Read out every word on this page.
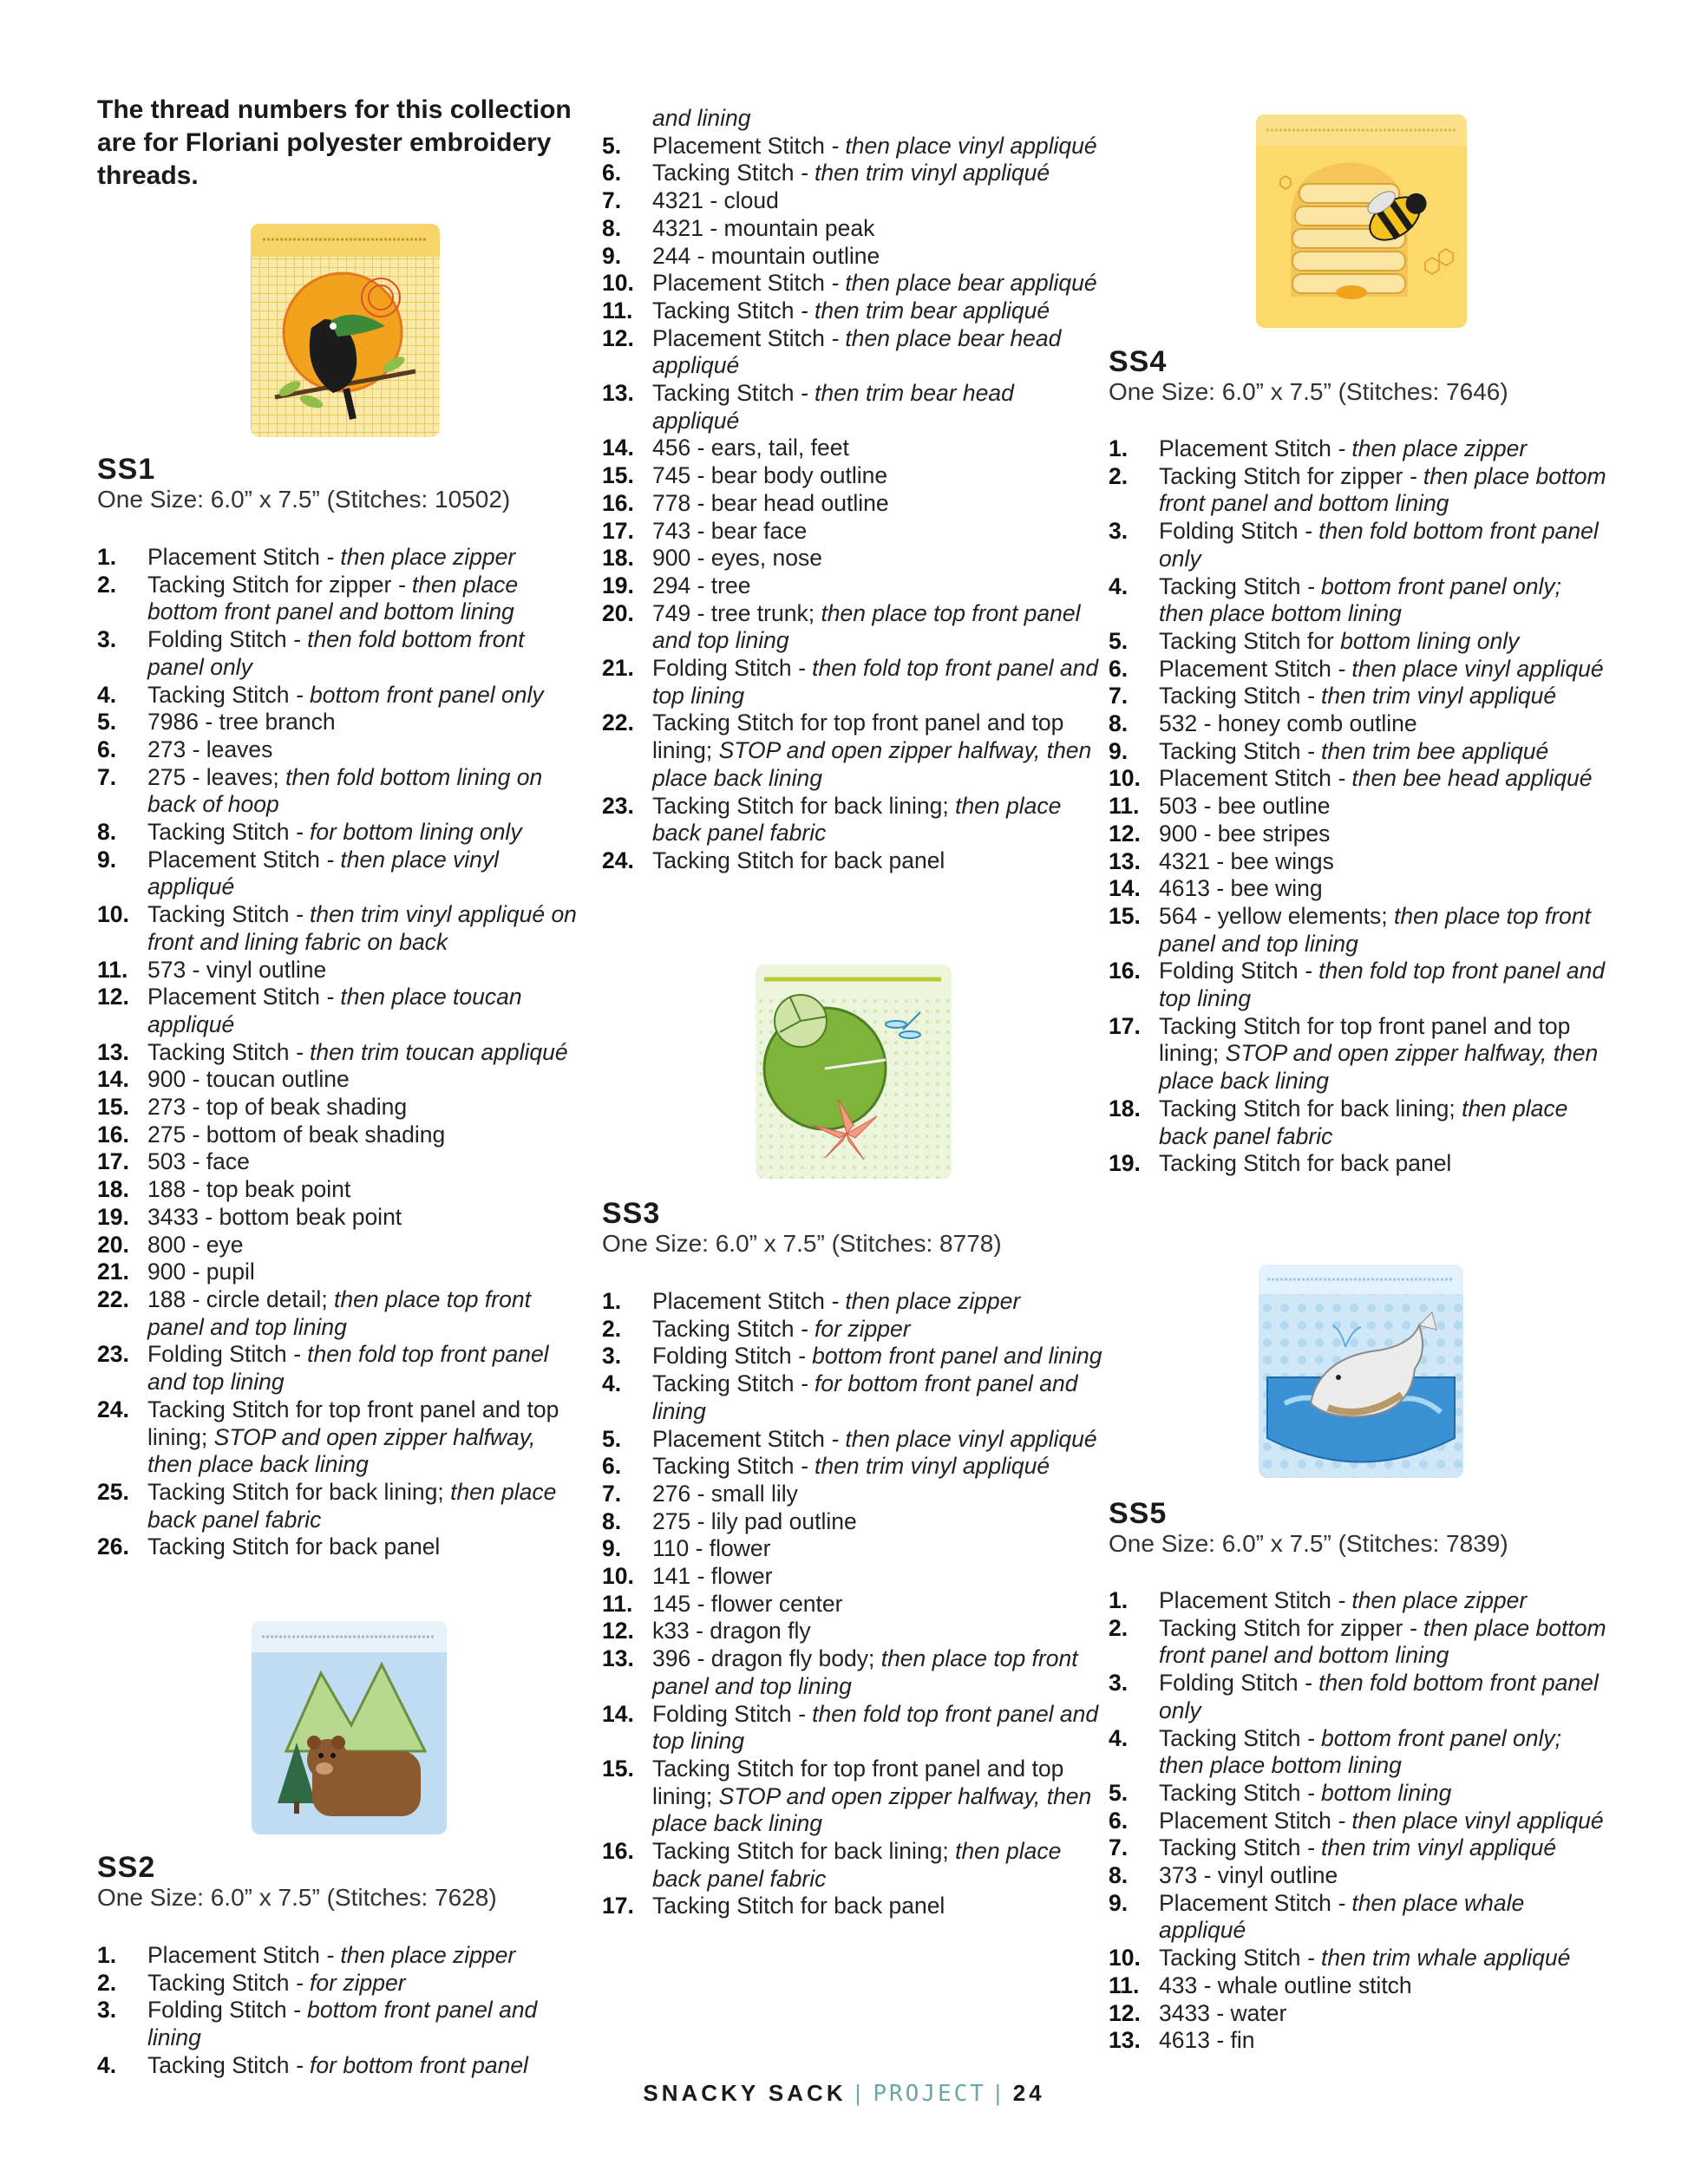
The thread numbers for this collection are for Floriani polyester embroidery threads.

SS1
One Size: 6.0” x 7.5” (Stitches: 10502)
1. Placement Stitch - then place zipper
2. Tacking Stitch for zipper - then place bottom front panel and bottom lining
3. Folding Stitch - then fold bottom front panel only
4. Tacking Stitch - bottom front panel only
5. 7986 - tree branch
6. 273 - leaves
7. 275 - leaves; then fold bottom lining on back of hoop
8. Tacking Stitch - for bottom lining only
9. Placement Stitch - then place vinyl appliqué
10. Tacking Stitch - then trim vinyl appliqué on front and lining fabric on back
11. 573 - vinyl outline
12. Placement Stitch - then place toucan appliqué
13. Tacking Stitch - then trim toucan appliqué
14. 900 - toucan outline
15. 273 - top of beak shading
16. 275 - bottom of beak shading
17. 503 - face
18. 188 - top beak point
19. 3433 - bottom beak point
20. 800 - eye
21. 900 - pupil
22. 188 - circle detail; then place top front panel and top lining
23. Folding Stitch - then fold top front panel and top lining
24. Tacking Stitch for top front panel and top lining; STOP and open zipper halfway, then place back lining
25. Tacking Stitch for back lining; then place back panel fabric
26. Tacking Stitch for back panel
SS2
One Size: 6.0” x 7.5” (Stitches: 7628)
1. Placement Stitch - then place zipper
2. Tacking Stitch - for zipper
3. Folding Stitch - bottom front panel and lining
4. Tacking Stitch - for bottom front panel
and lining
5. Placement Stitch - then place vinyl appliqué
6. Tacking Stitch - then trim vinyl appliqué
7. 4321 - cloud
8. 4321 - mountain peak
9. 244 - mountain outline
10. Placement Stitch - then place bear appliqué
11. Tacking Stitch - then trim bear appliqué
12. Placement Stitch - then place bear head appliqué
13. Tacking Stitch - then trim bear head appliqué
14. 456 - ears, tail, feet
15. 745 - bear body outline
16. 778 - bear head outline
17. 743 - bear face
18. 900 - eyes, nose
19. 294 - tree
20. 749 - tree trunk; then place top front panel and top lining
21. Folding Stitch - then fold top front panel and top lining
22. Tacking Stitch for top front panel and top lining; STOP and open zipper halfway, then place back lining
23. Tacking Stitch for back lining; then place back panel fabric
24. Tacking Stitch for back panel
SS3
One Size: 6.0” x 7.5” (Stitches: 8778)
1. Placement Stitch - then place zipper
2. Tacking Stitch - for zipper
3. Folding Stitch - bottom front panel and lining
4. Tacking Stitch - for bottom front panel and lining
5. Placement Stitch - then place vinyl appliqué
6. Tacking Stitch - then trim vinyl appliqué
7. 276 - small lily
8. 275 - lily pad outline
9. 110 - flower
10. 141 - flower
11. 145 - flower center
12. k33 - dragon fly
13. 396 - dragon fly body; then place top front panel and top lining
14. Folding Stitch - then fold top front panel and top lining
15. Tacking Stitch for top front panel and top lining; STOP and open zipper halfway, then place back lining
16. Tacking Stitch for back lining; then place back panel fabric
17. Tacking Stitch for back panel
SS4
One Size: 6.0” x 7.5” (Stitches: 7646)
1. Placement Stitch - then place zipper
2. Tacking Stitch for zipper - then place bottom front panel and bottom lining
3. Folding Stitch - then fold bottom front panel only
4. Tacking Stitch - bottom front panel only; then place bottom lining
5. Tacking Stitch for bottom lining only
6. Placement Stitch - then place vinyl appliqué
7. Tacking Stitch - then trim vinyl appliqué
8. 532 - honey comb outline
9. Tacking Stitch - then trim bee appliqué
10. Placement Stitch - then bee head appliqué
11. 503 - bee outline
12. 900 - bee stripes
13. 4321 - bee wings
14. 4613 - bee wing
15. 564 - yellow elements; then place top front panel and top lining
16. Folding Stitch - then fold top front panel and top lining
17. Tacking Stitch for top front panel and top lining; STOP and open zipper halfway, then place back lining
18. Tacking Stitch for back lining; then place back panel fabric
19. Tacking Stitch for back panel
SS5
One Size: 6.0” x 7.5” (Stitches: 7839)
1. Placement Stitch - then place zipper
2. Tacking Stitch for zipper - then place bottom front panel and bottom lining
3. Folding Stitch - then fold bottom front panel only
4. Tacking Stitch - bottom front panel only; then place bottom lining
5. Tacking Stitch - bottom lining
6. Placement Stitch - then place vinyl appliqué
7. Tacking Stitch - then trim vinyl appliqué
8. 373 - vinyl outline
9. Placement Stitch - then place whale appliqué
10. Tacking Stitch - then trim whale appliqué
11. 433 - whale outline stitch
12. 3433 - water
13. 4613 - fin
SNACKY SACK | PROJECT | 24
